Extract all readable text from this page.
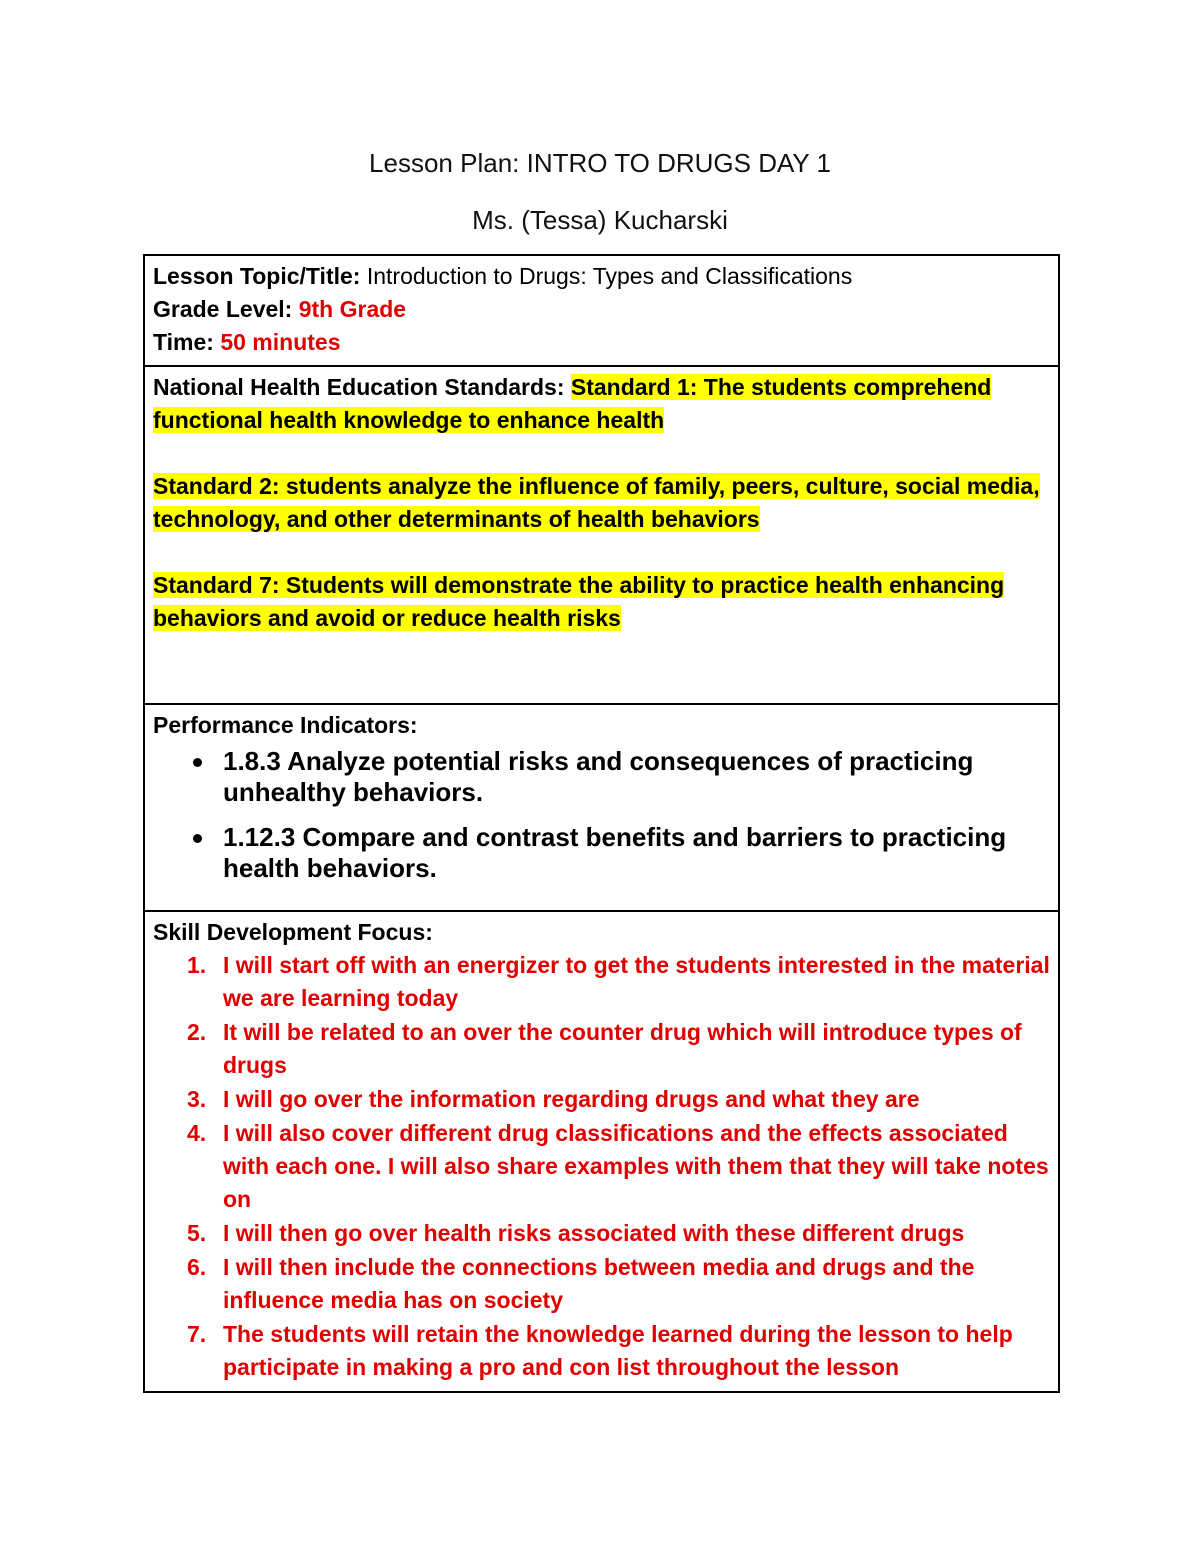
Lesson Plan: INTRO TO DRUGS DAY 1
Ms. (Tessa) Kucharski
Lesson Topic/Title: Introduction to Drugs: Types and Classifications
Grade Level: 9th Grade
Time: 50 minutes

National Health Education Standards: Standard 1: The students comprehend functional health knowledge to enhance health
Standard 2: students analyze the influence of family, peers, culture, social media, technology, and other determinants of health behaviors
Standard 7: Students will demonstrate the ability to practice health enhancing behaviors and avoid or reduce health risks

Performance Indicators:
1.8.3 Analyze potential risks and consequences of practicing unhealthy behaviors.
1.12.3 Compare and contrast benefits and barriers to practicing health behaviors.

Skill Development Focus:
1. I will start off with an energizer to get the students interested in the material we are learning today
2. It will be related to an over the counter drug which will introduce types of drugs
3. I will go over the information regarding drugs and what they are
4. I will also cover different drug classifications and the effects associated with each one. I will also share examples with them that they will take notes on
5. I will then go over health risks associated with these different drugs
6. I will then include the connections between media and drugs and the influence media has on society
7. The students will retain the knowledge learned during the lesson to help participate in making a pro and con list throughout the lesson
